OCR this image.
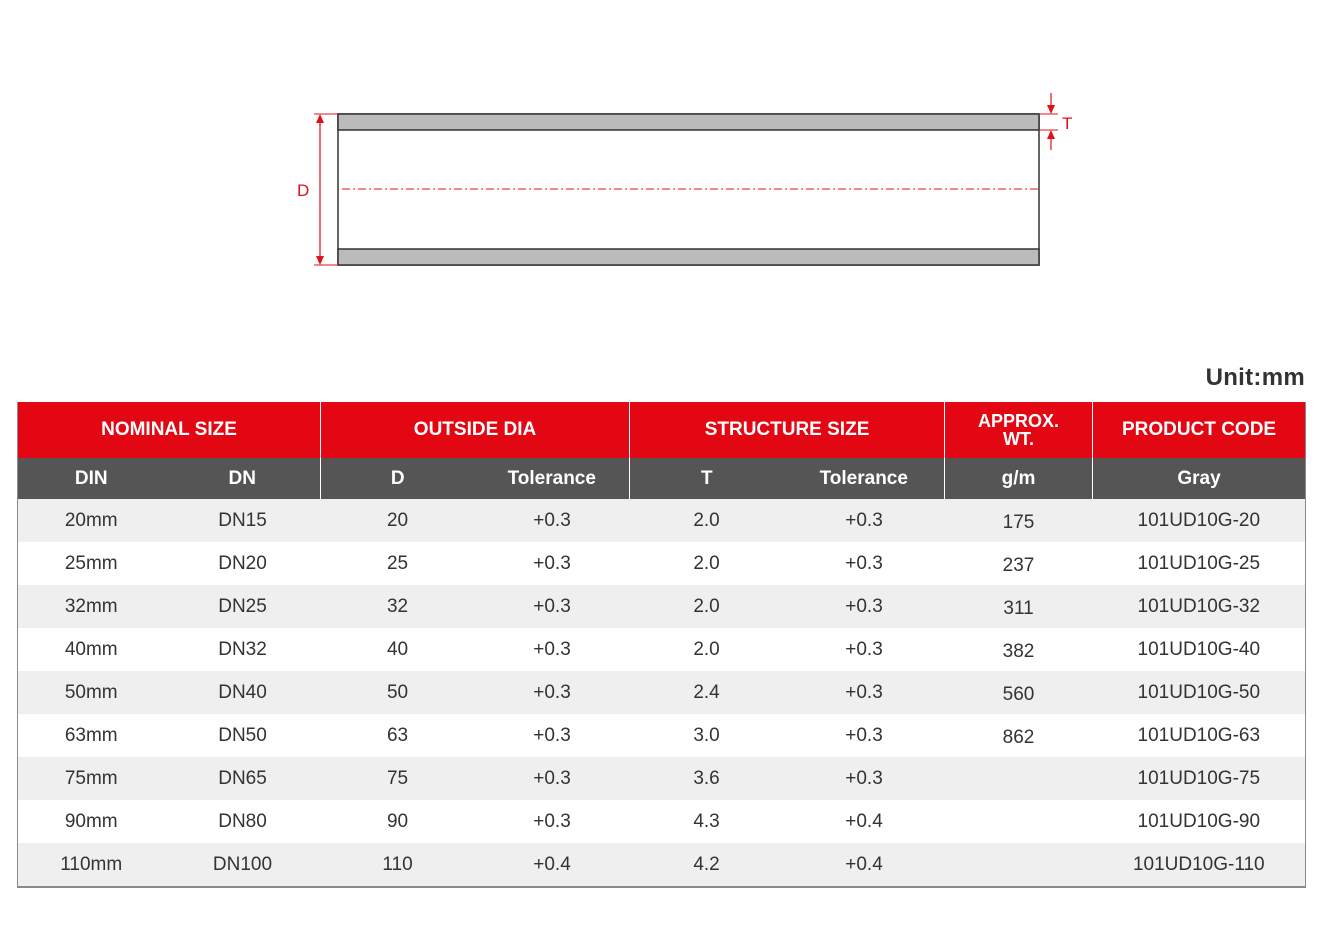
D
T
Unit:mm
NOMINAL SIZE		OUTSIDE DIA		STRUCTURE SIZE		APPROX.
WT.	PRODUCT CODE
DIN	DN	D	Tolerance	T	Tolerance	g/m	Gray
20mm	DN15	20	+0.3	2.0	+0.3	175	101UD10G-20
25mm	DN20	25	+0.3	2.0	+0.3	237	101UD10G-25
32mm	DN25	32	+0.3	2.0	+0.3	311	101UD10G-32
40mm	DN32	40	+0.3	2.0	+0.3	382	101UD10G-40
50mm	DN40	50	+0.3	2.4	+0.3	560	101UD10G-50
63mm	DN50	63	+0.3	3.0	+0.3	862	101UD10G-63
75mm	DN65	75	+0.3	3.6	+0.3		101UD10G-75
90mm	DN80	90	+0.3	4.3	+0.4		101UD10G-90
110mm	DN100	110	+0.4	4.2	+0.4		101UD10G-110
